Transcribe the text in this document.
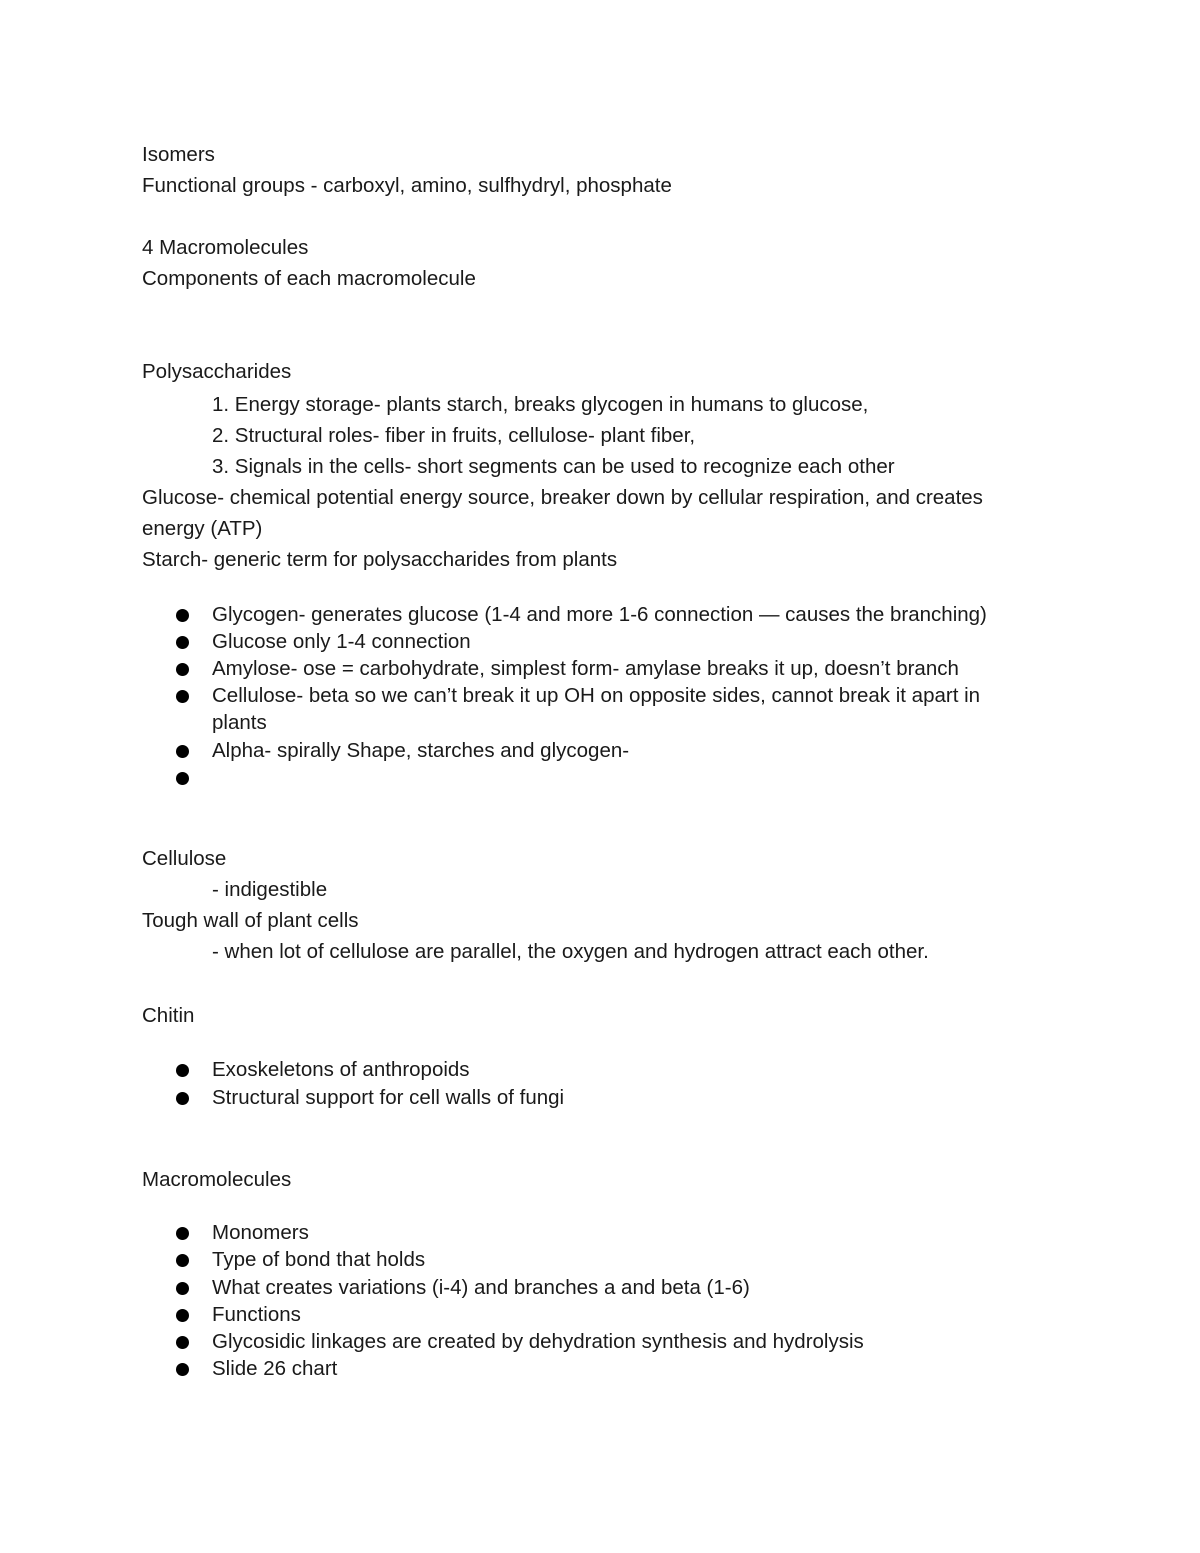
Isomers

Functional groups - carboxyl, amino, sulfhydryl, phosphate

4 Macromolecules

Components of each macromolecule

Polysaccharides

1. Energy storage- plants starch, breaks glycogen in humans to glucose,
2. Structural roles- fiber in fruits, cellulose- plant fiber,
3. Signals in the cells- short segments can be used to recognize each other

Glucose- chemical potential energy source, breaker down by cellular respiration, and creates

energy (ATP)

Starch- generic term for polysaccharides from plants

Glycogen- generates glucose (1-4 and more 1-6 connection — causes the branching)
Glucose only 1-4 connection
Amylose- ose = carbohydrate, simplest form- amylase breaks it up, doesn’t branch
Cellulose- beta so we can’t break it up OH on opposite sides, cannot break it apart in
plants
Alpha- spirally Shape, starches and glycogen-

Cellulose

- indigestible

Tough wall of plant cells

- when lot of cellulose are parallel, the oxygen and hydrogen attract each other.

Chitin

Exoskeletons of anthropoids
Structural support for cell walls of fungi

Macromolecules

Monomers
Type of bond that holds
What creates variations (i-4) and branches a and beta (1-6)
Functions
Glycosidic linkages are created by dehydration synthesis and hydrolysis
Slide 26 chart
